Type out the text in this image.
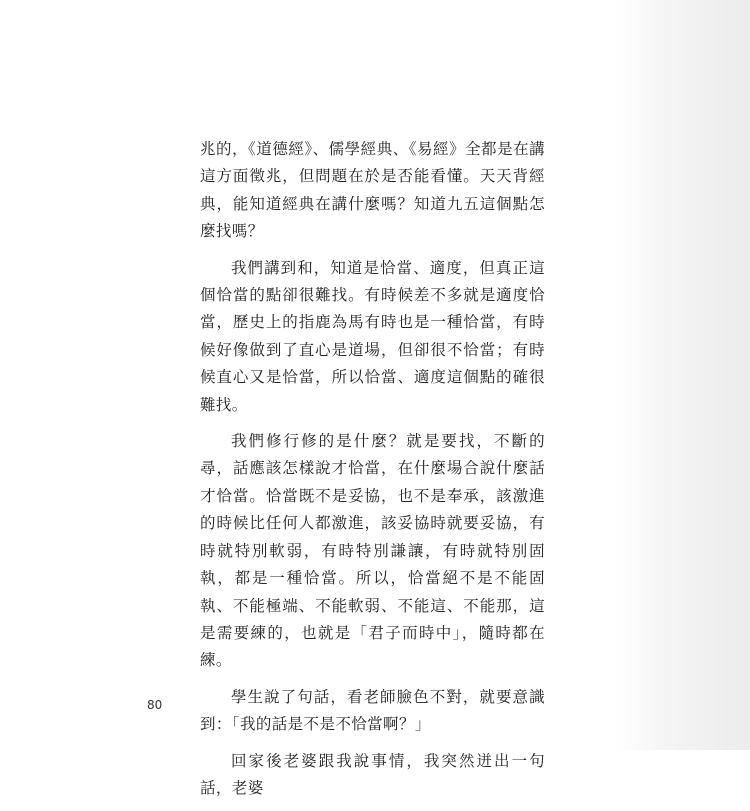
兆的，《道德經》、儒學經典、《易經》全都是在講這方面徵兆，但問題在於是否能看懂。天天背經典，能知道經典在講什麼嗎？知道九五這個點怎麼找嗎？

我們講到和，知道是恰當、適度，但真正這個恰當的點卻很難找。有時候差不多就是適度恰當，歷史上的指鹿為馬有時也是一種恰當，有時候好像做到了直心是道場，但卻很不恰當；有時候直心又是恰當，所以恰當、適度這個點的確很難找。

我們修行修的是什麼？就是要找，不斷的尋，話應該怎樣說才恰當，在什麼場合說什麼話才恰當。恰當既不是妥協，也不是奉承，該激進的時候比任何人都激進，該妥協時就要妥協，有時就特別軟弱，有時特別謙讓，有時就特別固執，都是一種恰當。所以，恰當絕不是不能固執、不能極端、不能軟弱、不能這、不能那，這是需要練的，也就是「君子而時中」，隨時都在練。

學生說了句話，看老師臉色不對，就要意識到：「我的話是不是不恰當啊？」

回家後老婆跟我說事情，我突然迸出一句話，老婆

80
